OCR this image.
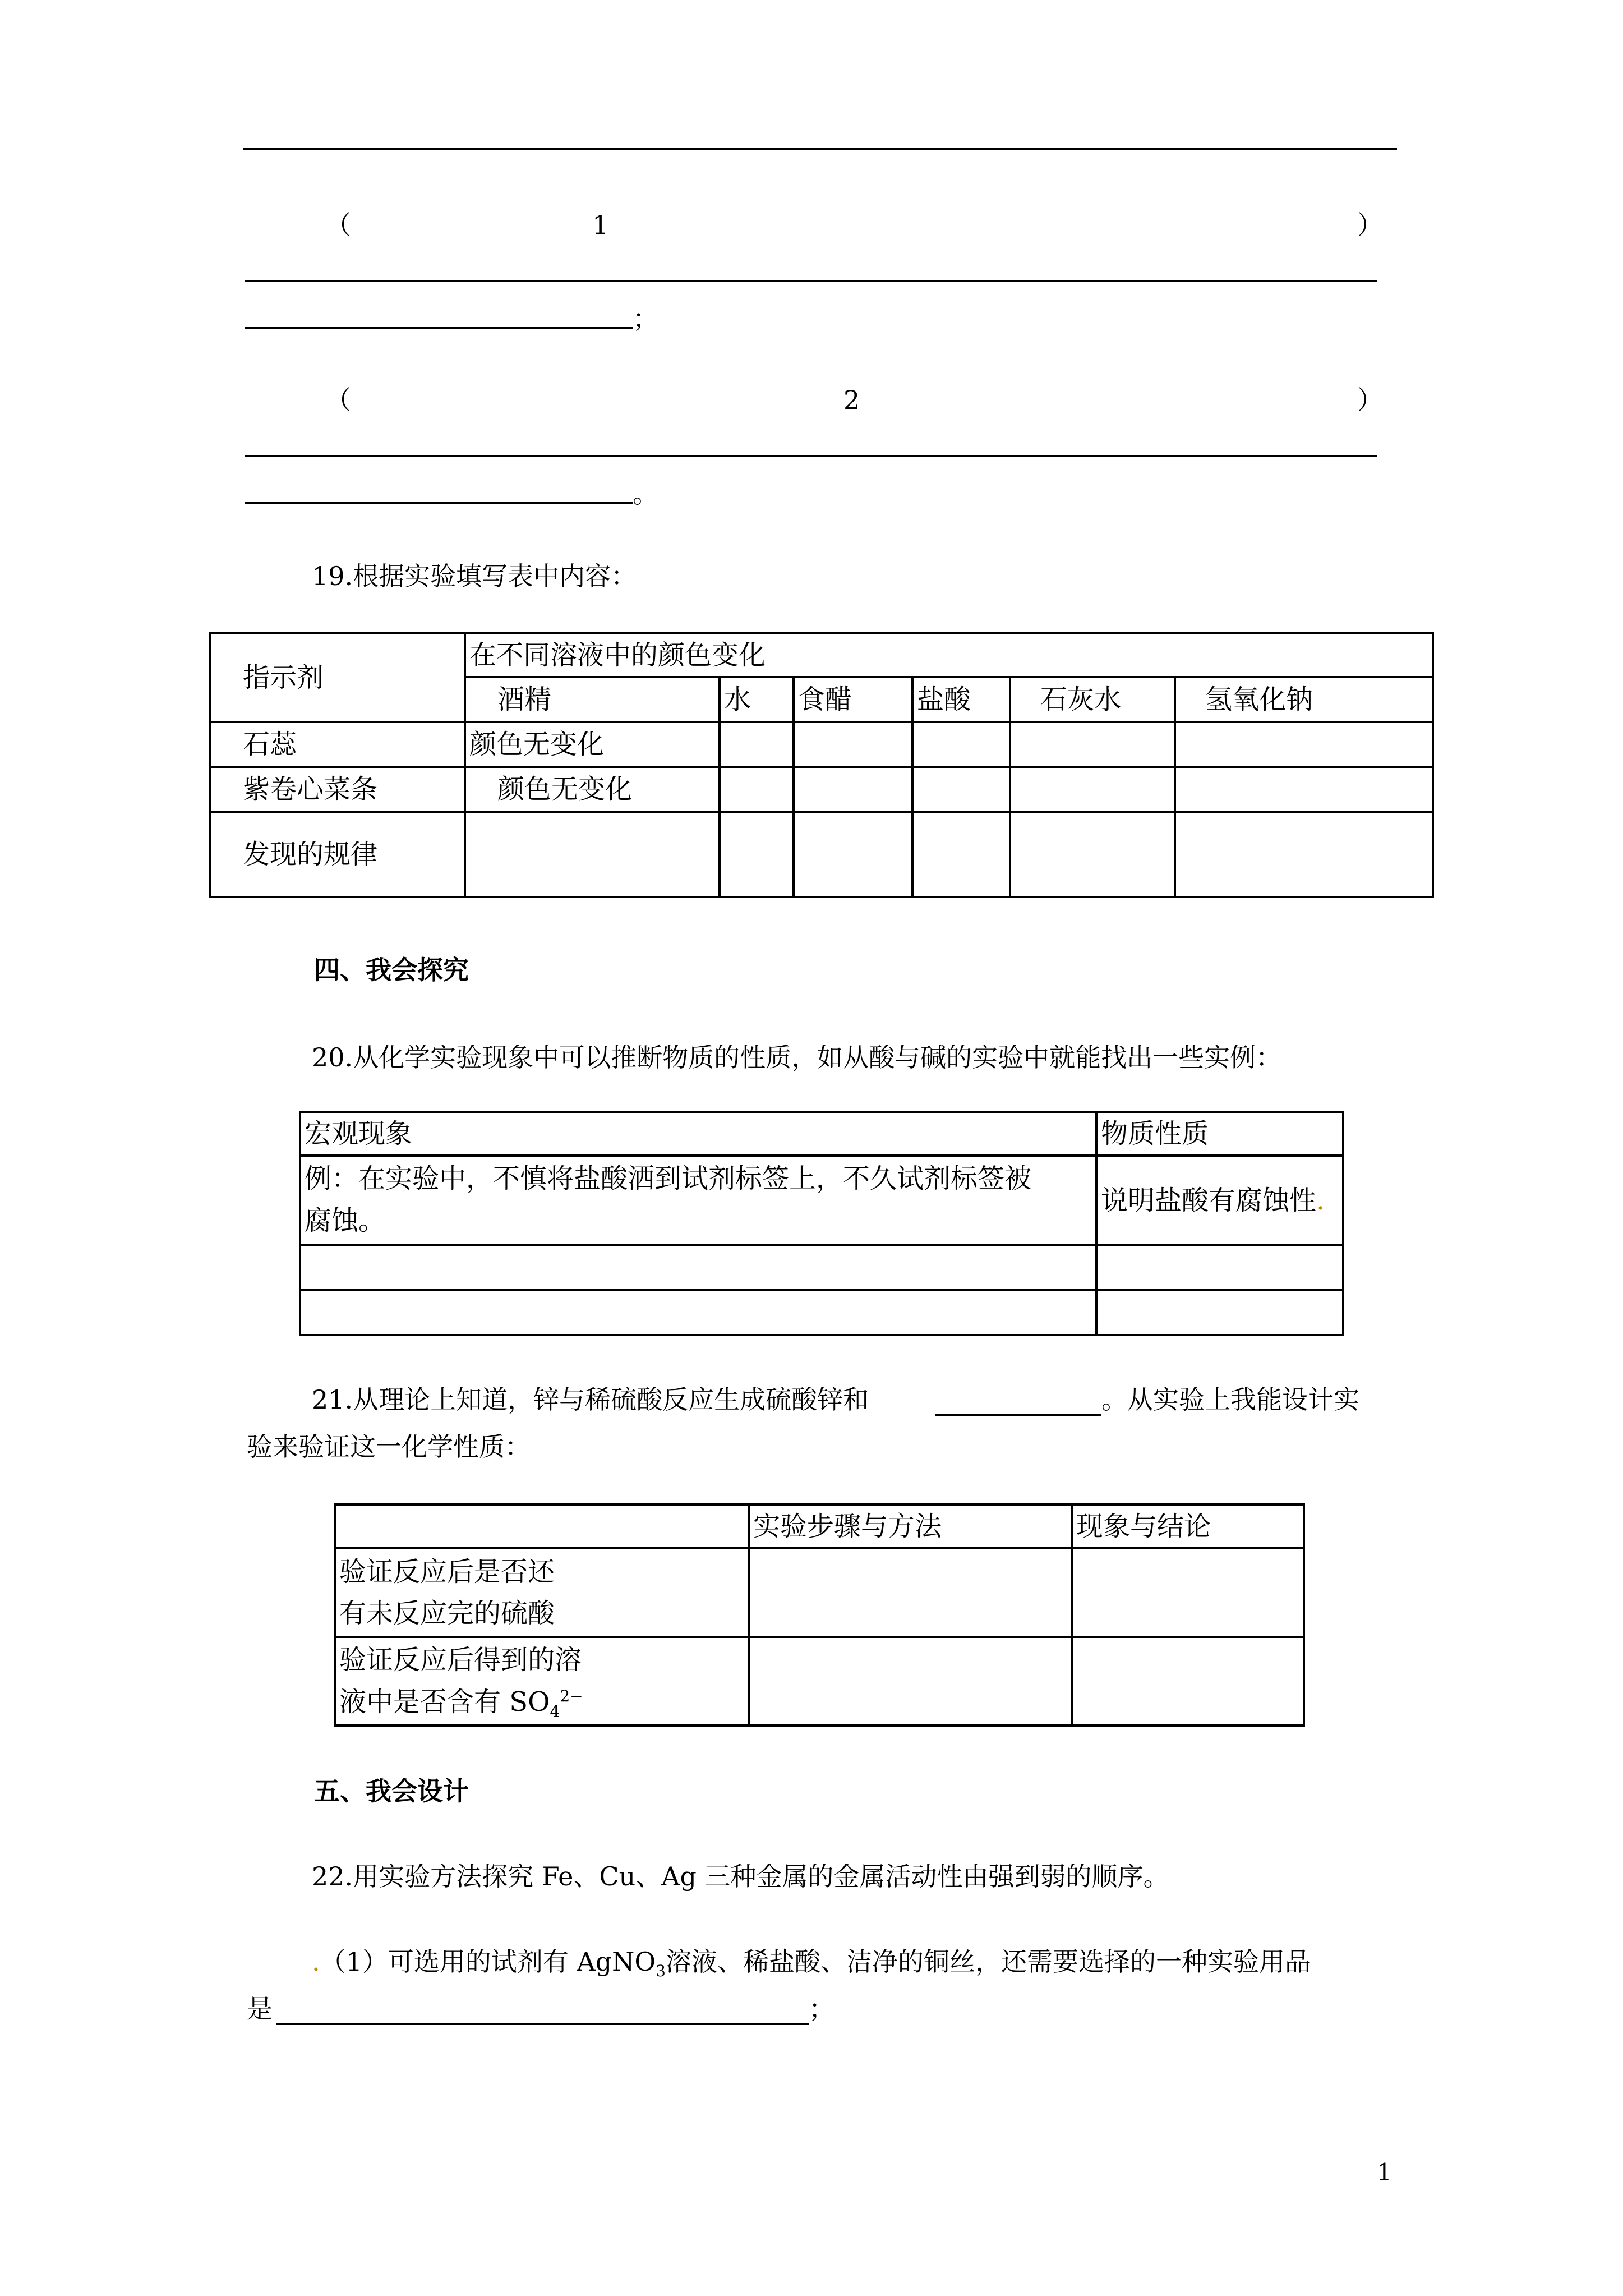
（	1	）
；
（	2	）
。
19.根据实验填写表中内容：
指示剂	在不同溶液中的颜色变化					
	酒精	水	食醋	盐酸	石灰水	氢氧化钠
石蕊	颜色无变化					
紫卷心菜条	颜色无变化					
发现的规律						
四、我会探究
20.从化学实验现象中可以推断物质的性质，如从酸与碱的实验中就能找出一些实例：
宏观现象	物质性质

例：在实验中，不慎将盐酸洒到试剂标签上，不久试剂标签被
腐蚀。	说明盐酸有腐蚀性.

21.从理论上知道，锌与稀硫酸反应生成硫酸锌和	。从实验上我能设计实
验来验证这一化学性质：
	实验步骤与方法	现象与结论

验证反应后是否还
有未反应完的硫酸		

验证反应后得到的溶
液中是否含有 $SO_4^{2-}$

五、我会设计
22.用实验方法探究 Fe、Cu、Ag 三种金属的金属活动性由强到弱的顺序。
.（1）可选用的试剂有 AgNO$_3$溶液、稀盐酸、洁净的铜丝，还需要选择的一种实验用品
是	；
1
